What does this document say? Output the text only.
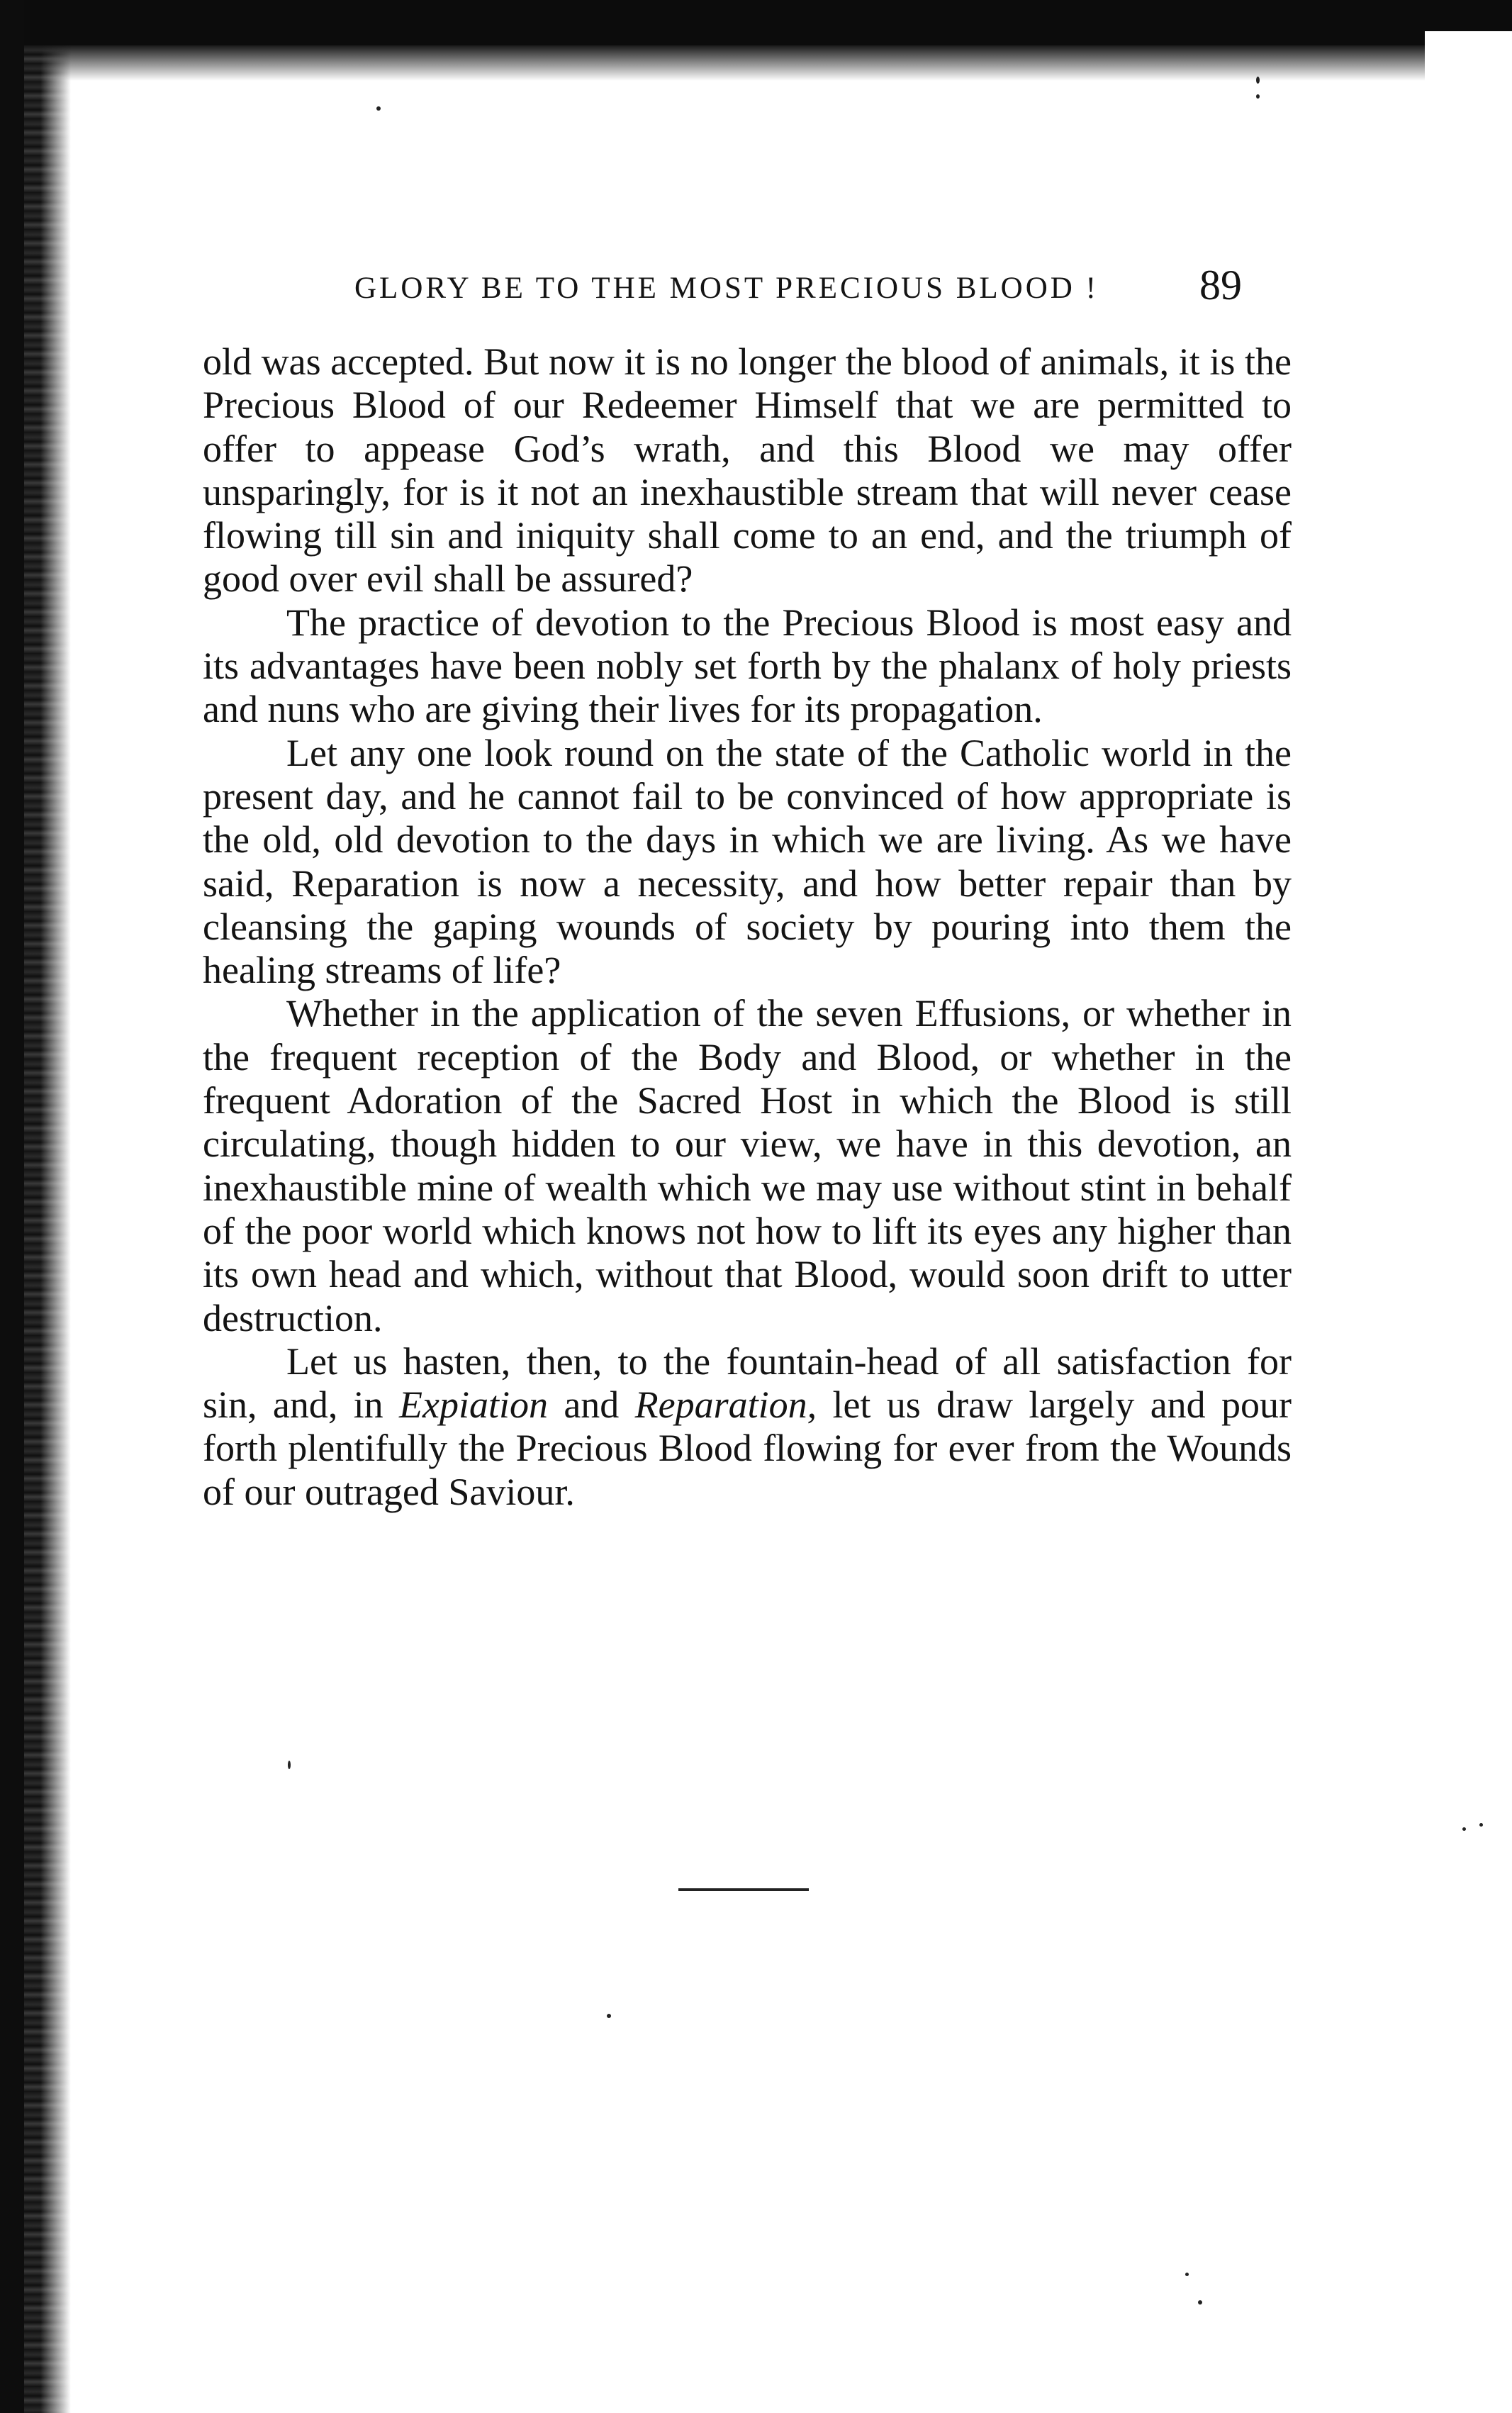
GLORY BE TO THE MOST PRECIOUS BLOOD ! 89

old was accepted. But now it is no longer the blood of animals, it is the Precious Blood of our Redeemer Himself that we are permitted to offer to appease God’s wrath, and this Blood we may offer unsparingly, for is it not an inexhaustible stream that will never cease flowing till sin and iniquity shall come to an end, and the triumph of good over evil shall be assured?

The practice of devotion to the Precious Blood is most easy and its advantages have been nobly set forth by the phalanx of holy priests and nuns who are giving their lives for its propagation.

Let any one look round on the state of the Catholic world in the present day, and he cannot fail to be convinced of how appropriate is the old, old devotion to the days in which we are living. As we have said, Reparation is now a necessity, and how better repair than by cleansing the gaping wounds of society by pouring into them the healing streams of life?

Whether in the application of the seven Effusions, or whether in the frequent reception of the Body and Blood, or whether in the frequent Adoration of the Sacred Host in which the Blood is still circulating, though hidden to our view, we have in this devotion, an inexhaustible mine of wealth which we may use without stint in behalf of the poor world which knows not how to lift its eyes any higher than its own head and which, without that Blood, would soon drift to utter destruction.

Let us hasten, then, to the fountain-head of all satisfaction for sin, and, in Expiation and Reparation, let us draw largely and pour forth plentifully the Precious Blood flowing for ever from the Wounds of our outraged Saviour.
